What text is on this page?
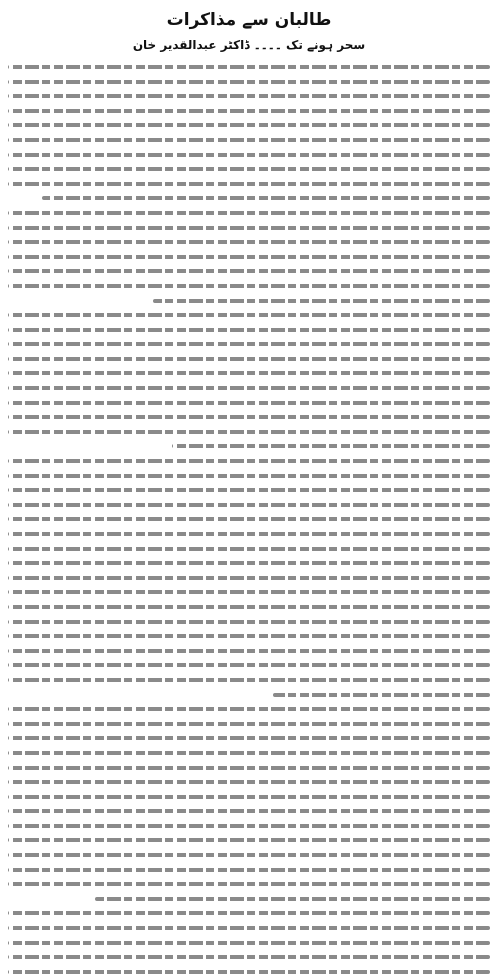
طالبان سے مذاکرات
سحر ہونے تک ۔۔۔۔ ڈاکٹر عبدالقدیر خان
